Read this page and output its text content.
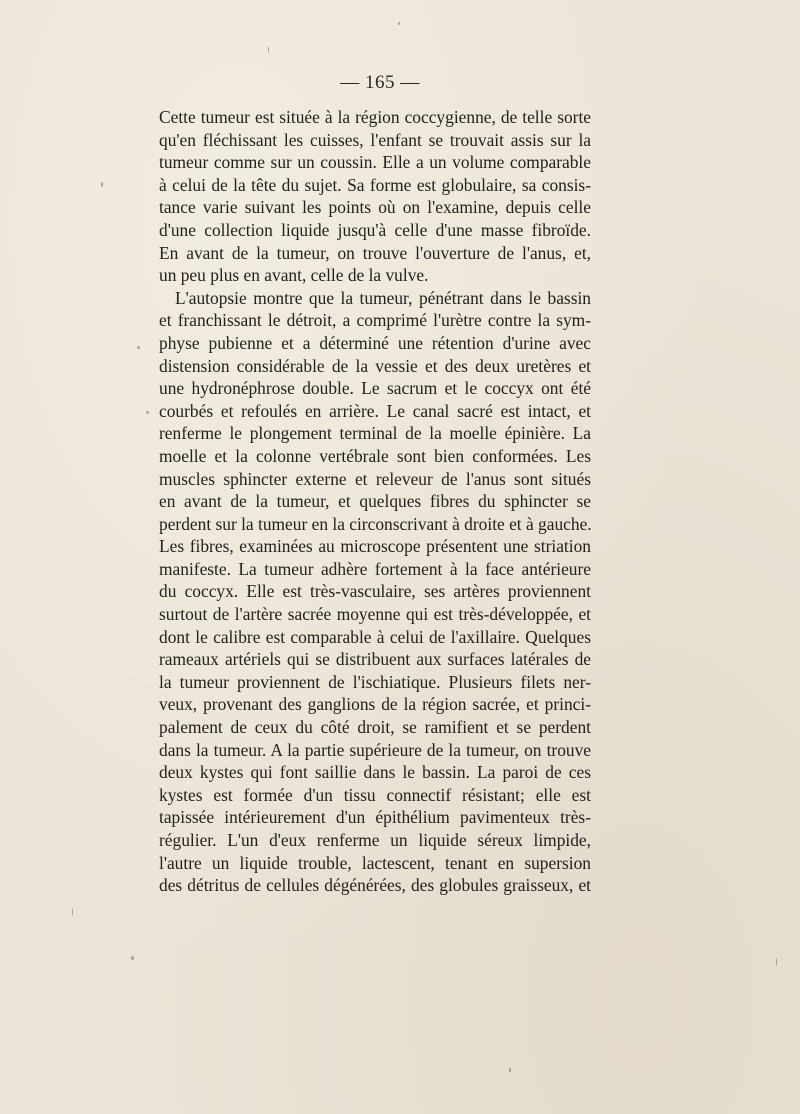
— 165 —
Cette tumeur est située à la région coccygienne, de telle sorte
qu'en fléchissant les cuisses, l'enfant se trouvait assis sur la
tumeur comme sur un coussin. Elle a un volume comparable
à celui de la tête du sujet. Sa forme est globulaire, sa consis-
tance varie suivant les points où on l'examine, depuis celle
d'une collection liquide jusqu'à celle d'une masse fibroïde.
En avant de la tumeur, on trouve l'ouverture de l'anus, et,
un peu plus en avant, celle de la vulve.
L'autopsie montre que la tumeur, pénétrant dans le bassin
et franchissant le détroit, a comprimé l'urètre contre la sym-
physe pubienne et a déterminé une rétention d'urine avec
distension considérable de la vessie et des deux uretères et
une hydronéphrose double. Le sacrum et le coccyx ont été
courbés et refoulés en arrière. Le canal sacré est intact, et
renferme le plongement terminal de la moelle épinière. La
moelle et la colonne vertébrale sont bien conformées. Les
muscles sphincter externe et releveur de l'anus sont situés
en avant de la tumeur, et quelques fibres du sphincter se
perdent sur la tumeur en la circonscrivant à droite et à gauche.
Les fibres, examinées au microscope présentent une striation
manifeste. La tumeur adhère fortement à la face antérieure
du coccyx. Elle est très-vasculaire, ses artères proviennent
surtout de l'artère sacrée moyenne qui est très-développée, et
dont le calibre est comparable à celui de l'axillaire. Quelques
rameaux artériels qui se distribuent aux surfaces latérales de
la tumeur proviennent de l'ischiatique. Plusieurs filets ner-
veux, provenant des ganglions de la région sacrée, et princi-
palement de ceux du côté droit, se ramifient et se perdent
dans la tumeur. A la partie supérieure de la tumeur, on trouve
deux kystes qui font saillie dans le bassin. La paroi de ces
kystes est formée d'un tissu connectif résistant; elle est
tapissée intérieurement d'un épithélium pavimenteux très-
régulier. L'un d'eux renferme un liquide séreux limpide,
l'autre un liquide trouble, lactescent, tenant en supersion
des détritus de cellules dégénérées, des globules graisseux, et
